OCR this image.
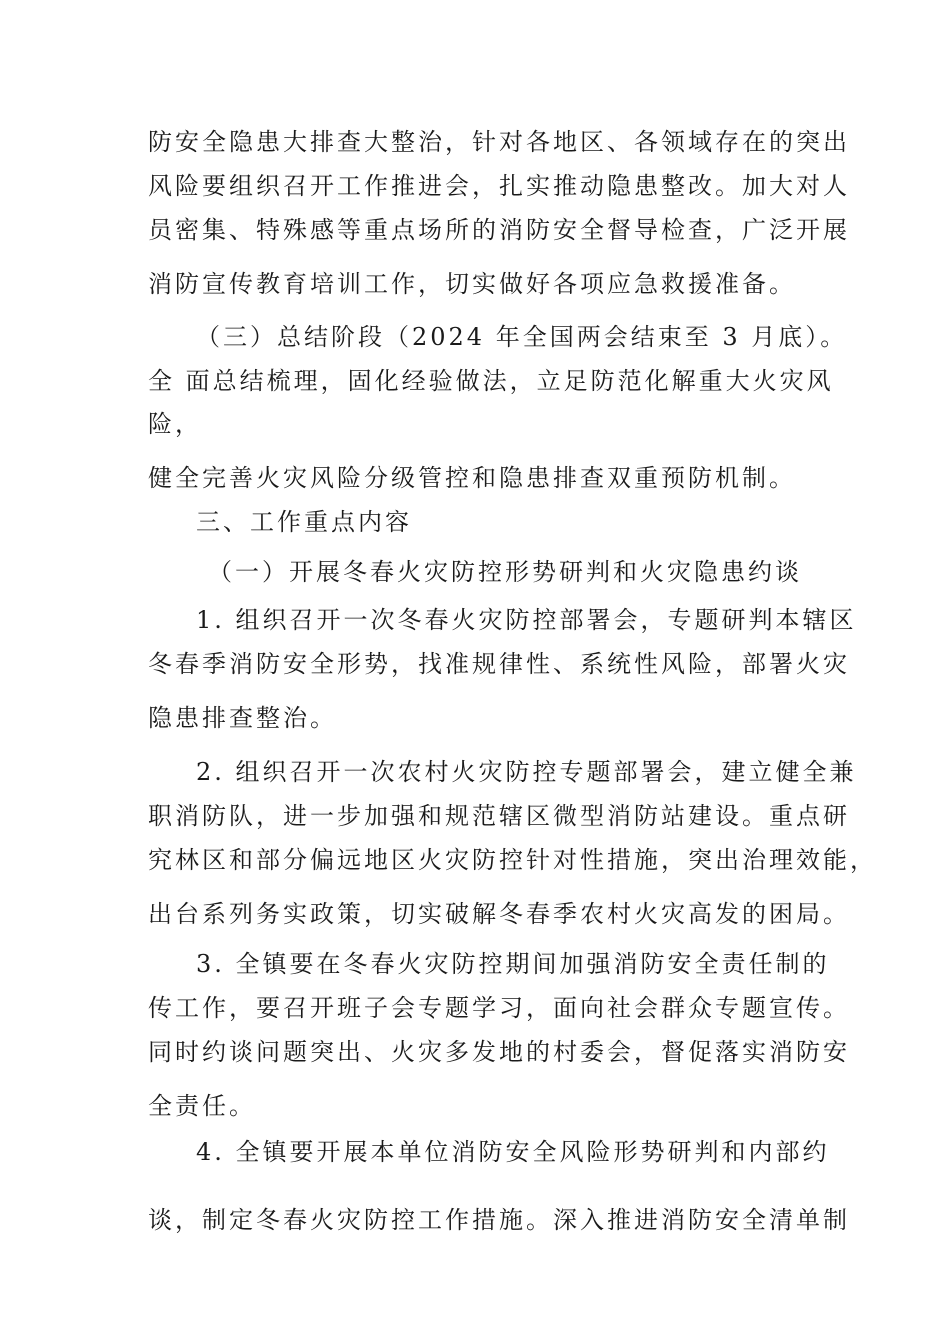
防安全隐患大排查大整治，针对各地区、各领域存在的突出
风险要组织召开工作推进会，扎实推动隐患整改。加大对人
员密集、特殊感等重点场所的消防安全督导检查，广泛开展
消防宣传教育培训工作，切实做好各项应急救援准备。
（三）总结阶段（2024 年全国两会结束至 3 月底）。
全 面总结梳理，固化经验做法，立足防范化解重大火灾风
险，
健全完善火灾风险分级管控和隐患排查双重预防机制。
三、工作重点内容
（一）开展冬春火灾防控形势研判和火灾隐患约谈
1. 组织召开一次冬春火灾防控部署会，专题研判本辖区
冬春季消防安全形势，找准规律性、系统性风险，部署火灾
隐患排查整治。
2. 组织召开一次农村火灾防控专题部署会，建立健全兼
职消防队，进一步加强和规范辖区微型消防站建设。重点研
究林区和部分偏远地区火灾防控针对性措施，突出治理效能，
出台系列务实政策，切实破解冬春季农村火灾高发的困局。
3. 全镇要在冬春火灾防控期间加强消防安全责任制的
传工作，要召开班子会专题学习，面向社会群众专题宣传。
同时约谈问题突出、火灾多发地的村委会，督促落实消防安
全责任。
4. 全镇要开展本单位消防安全风险形势研判和内部约
谈，制定冬春火灾防控工作措施。深入推进消防安全清单制
